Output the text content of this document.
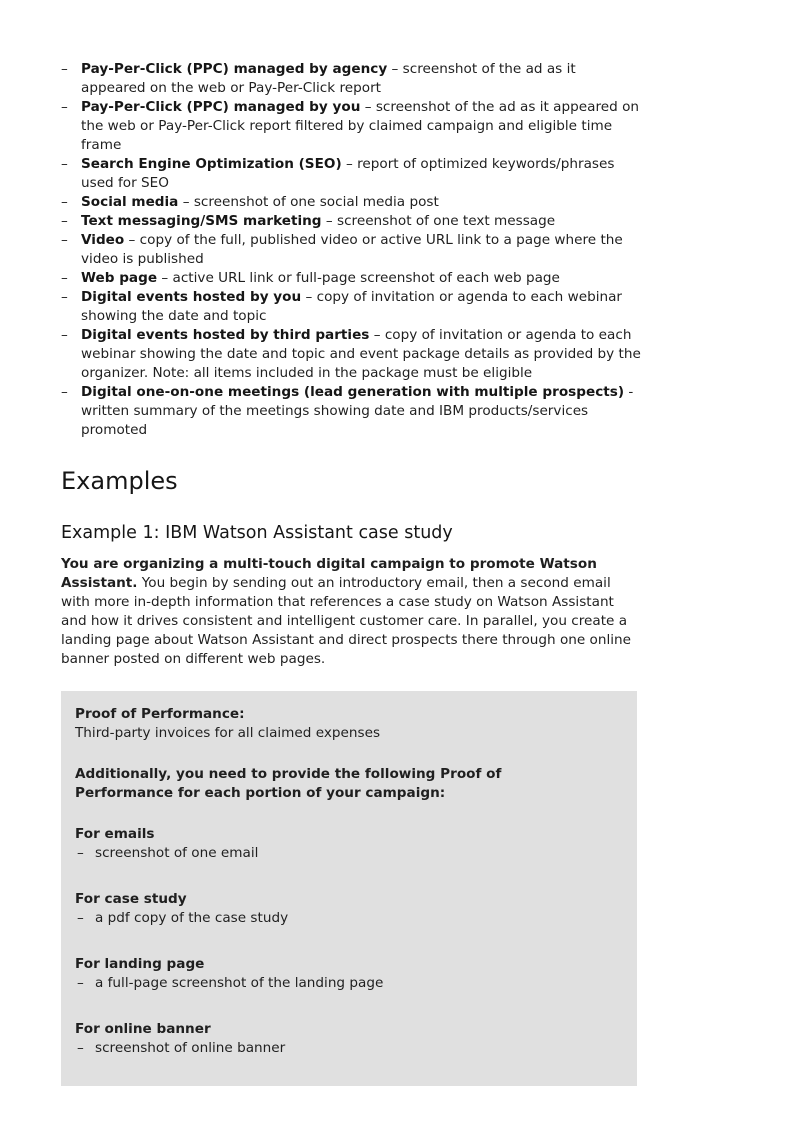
– Pay-Per-Click (PPC) managed by agency – screenshot of the ad as it appeared on the web or Pay-Per-Click report
– Pay-Per-Click (PPC) managed by you – screenshot of the ad as it appeared on the web or Pay-Per-Click report filtered by claimed campaign and eligible time frame
– Search Engine Optimization (SEO) – report of optimized keywords/phrases used for SEO
– Social media – screenshot of one social media post
– Text messaging/SMS marketing – screenshot of one text message
– Video – copy of the full, published video or active URL link to a page where the video is published
– Web page – active URL link or full-page screenshot of each web page
– Digital events hosted by you – copy of invitation or agenda to each webinar showing the date and topic
– Digital events hosted by third parties – copy of invitation or agenda to each webinar showing the date and topic and event package details as provided by the organizer. Note: all items included in the package must be eligible
– Digital one-on-one meetings (lead generation with multiple prospects) - written summary of the meetings showing date and IBM products/services promoted
Examples
Example 1: IBM Watson Assistant case study

You are organizing a multi-touch digital campaign to promote Watson Assistant. You begin by sending out an introductory email, then a second email with more in-depth information that references a case study on Watson Assistant and how it drives consistent and intelligent customer care. In parallel, you create a landing page about Watson Assistant and direct prospects there through one online banner posted on different web pages.

Proof of Performance:
Third-party invoices for all claimed expenses
Additionally, you need to provide the following Proof of Performance for each portion of your campaign:
For emails
– screenshot of one email
For case study
– a pdf copy of the case study
For landing page
– a full-page screenshot of the landing page
For online banner
– screenshot of online banner
